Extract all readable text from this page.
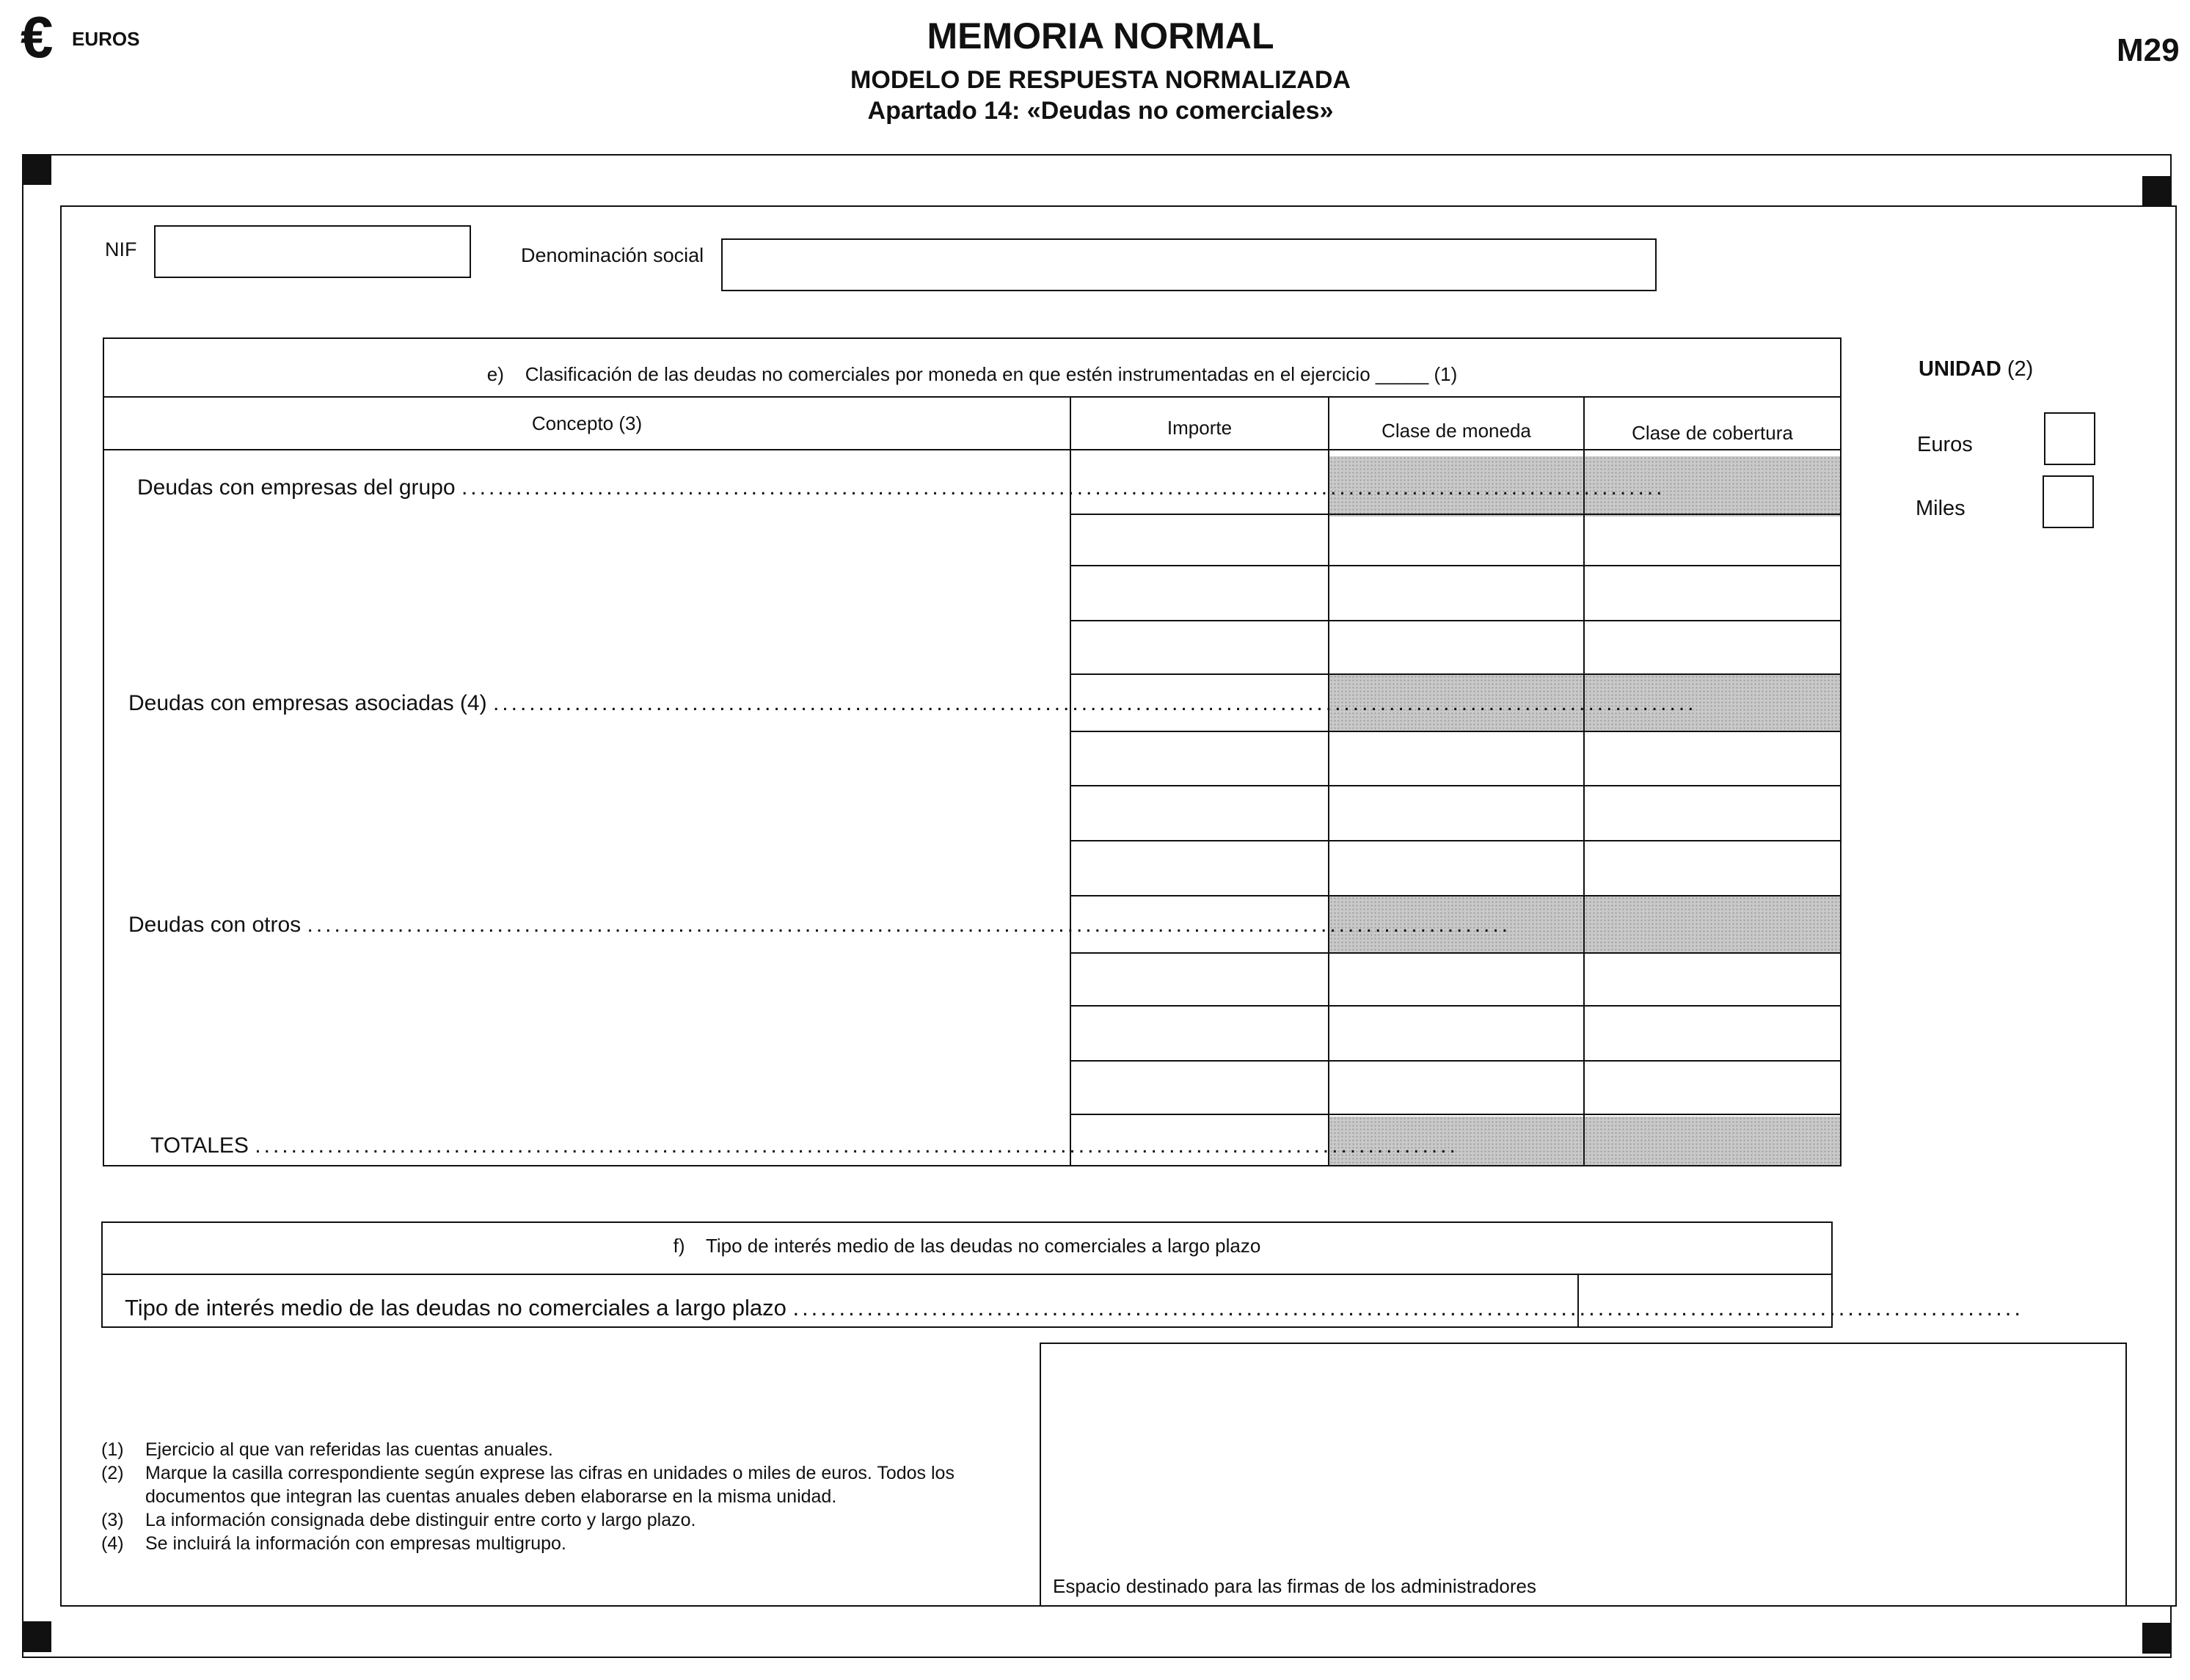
€ EUROS	MEMORIA NORMAL
MODELO DE RESPUESTA NORMALIZADA
Apartado 14: «Deudas no comerciales»
M29
NIF	Denominación social
e) Clasificación de las deudas no comerciales por moneda en que estén instrumentadas en el ejercicio _____ (1)
Concepto (3)	Importe	Clase de moneda	Clase de cobertura
Deudas con empresas del grupo .....................................................................................................................................
Deudas con empresas asociadas (4) .....................................................................................................................................
Deudas con otros .....................................................................................................................................
TOTALES .....................................................................................................................................
UNIDAD (2)
Euros
Miles
f) Tipo de interés medio de las deudas no comerciales a largo plazo
Tipo de interés medio de las deudas no comerciales a largo plazo .....................................................................................................................................
(1)	Ejercicio al que van referidas las cuentas anuales.
(2)	Marque la casilla correspondiente según exprese las cifras en unidades o miles de euros. Todos los documentos que integran las cuentas anuales deben elaborarse en la misma unidad.
(3)	La información consignada debe distinguir entre corto y largo plazo.
(4)	Se incluirá la información con empresas multigrupo.
Espacio destinado para las firmas de los administradores
